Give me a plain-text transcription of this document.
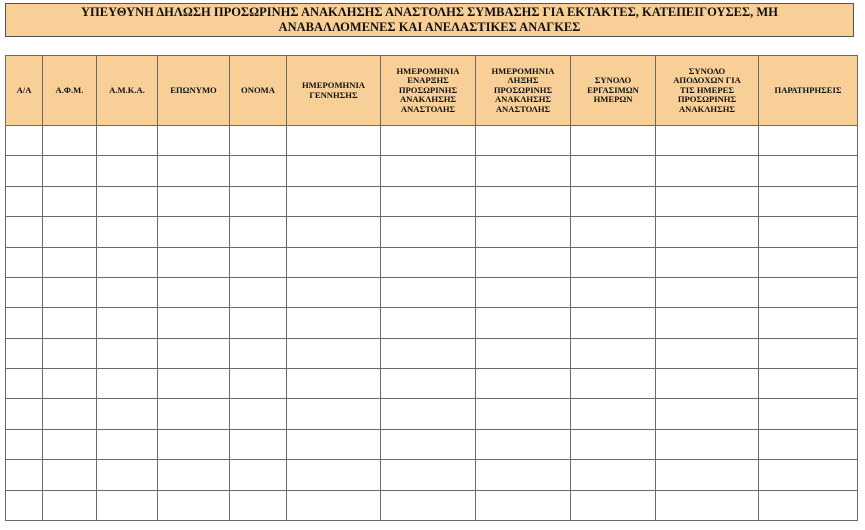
ΥΠΕΥΘΥΝΗ ΔΗΛΩΣΗ ΠΡΟΣΩΡΙΝΗΣ ΑΝΑΚΛΗΣΗΣ ΑΝΑΣΤΟΛΗΣ ΣΥΜΒΑΣΗΣ ΓΙΑ ΕΚΤΑΚΤΕΣ, ΚΑΤΕΠΕΙΓΟΥΣΕΣ, ΜΗ
ΑΝΑΒΑΛΛΟΜΕΝΕΣ ΚΑΙ ΑΝΕΛΑΣΤΙΚΕΣ ΑΝΑΓΚΕΣ
Α/Α	Α.Φ.Μ.	Α.Μ.Κ.Α.	ΕΠΩΝΥΜΟ	ΟΝΟΜΑ	ΗΜΕΡΟΜΗΝΙΑ
ΓΕΝΝΗΣΗΣ	ΗΜΕΡΟΜΗΝΙΑ
ΕΝΑΡΞΗΣ
ΠΡΟΣΩΡΙΝΗΣ
ΑΝΑΚΛΗΣΗΣ
ΑΝΑΣΤΟΛΗΣ	ΗΜΕΡΟΜΗΝΙΑ
ΛΗΞΗΣ
ΠΡΟΣΩΡΙΝΗΣ
ΑΝΑΚΛΗΣΗΣ
ΑΝΑΣΤΟΛΗΣ	ΣΥΝΟΛΟ
ΕΡΓΑΣΙΜΩΝ
ΗΜΕΡΩΝ	ΣΥΝΟΛΟ
ΑΠΟΔΟΧΩΝ ΓΙΑ
ΤΙΣ ΗΜΕΡΕΣ
ΠΡΟΣΩΡΙΝΗΣ
ΑΝΑΚΛΗΣΗΣ	ΠΑΡΑΤΗΡΗΣΕΙΣ
